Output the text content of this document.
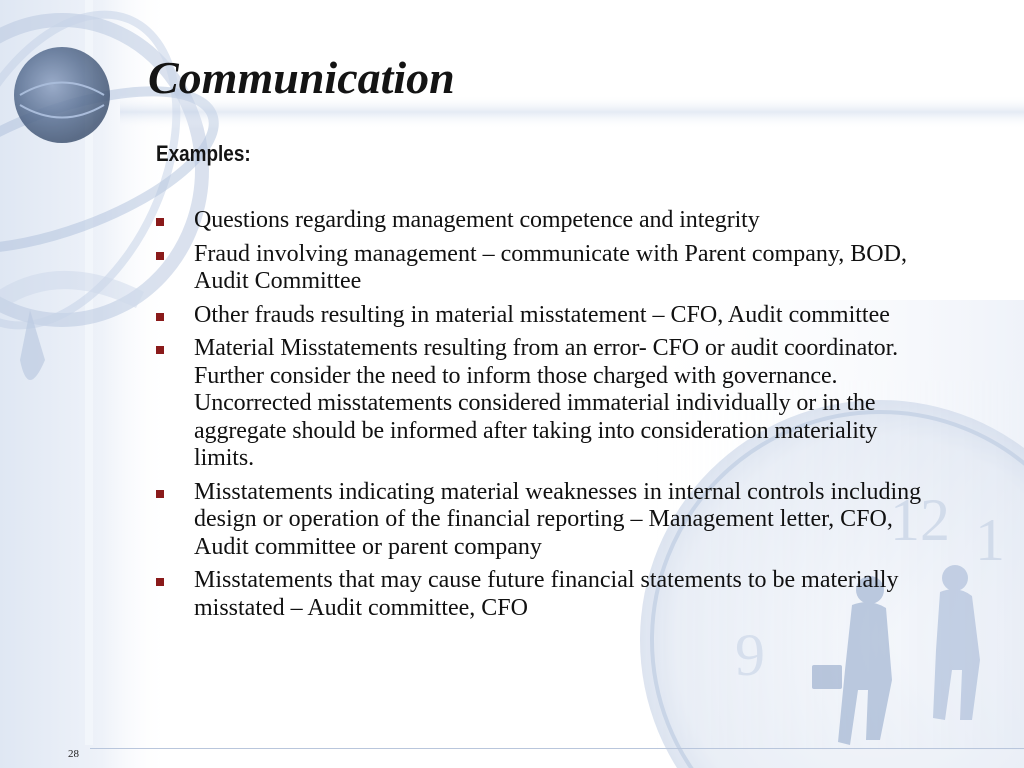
12 1
9
Communication
Examples:
Questions regarding management competence and integrity
Fraud involving management – communicate with Parent company, BOD, Audit Committee
Other frauds resulting in material misstatement – CFO, Audit committee
Material Misstatements resulting from an error- CFO or audit coordinator. Further consider the need to inform those charged with governance. Uncorrected misstatements considered immaterial individually or in the aggregate should be informed after taking into consideration materiality limits.
Misstatements indicating material weaknesses in internal controls including design or operation of the financial reporting – Management letter, CFO, Audit committee or parent company
Misstatements that may cause future financial statements to be materially misstated – Audit committee, CFO
28
